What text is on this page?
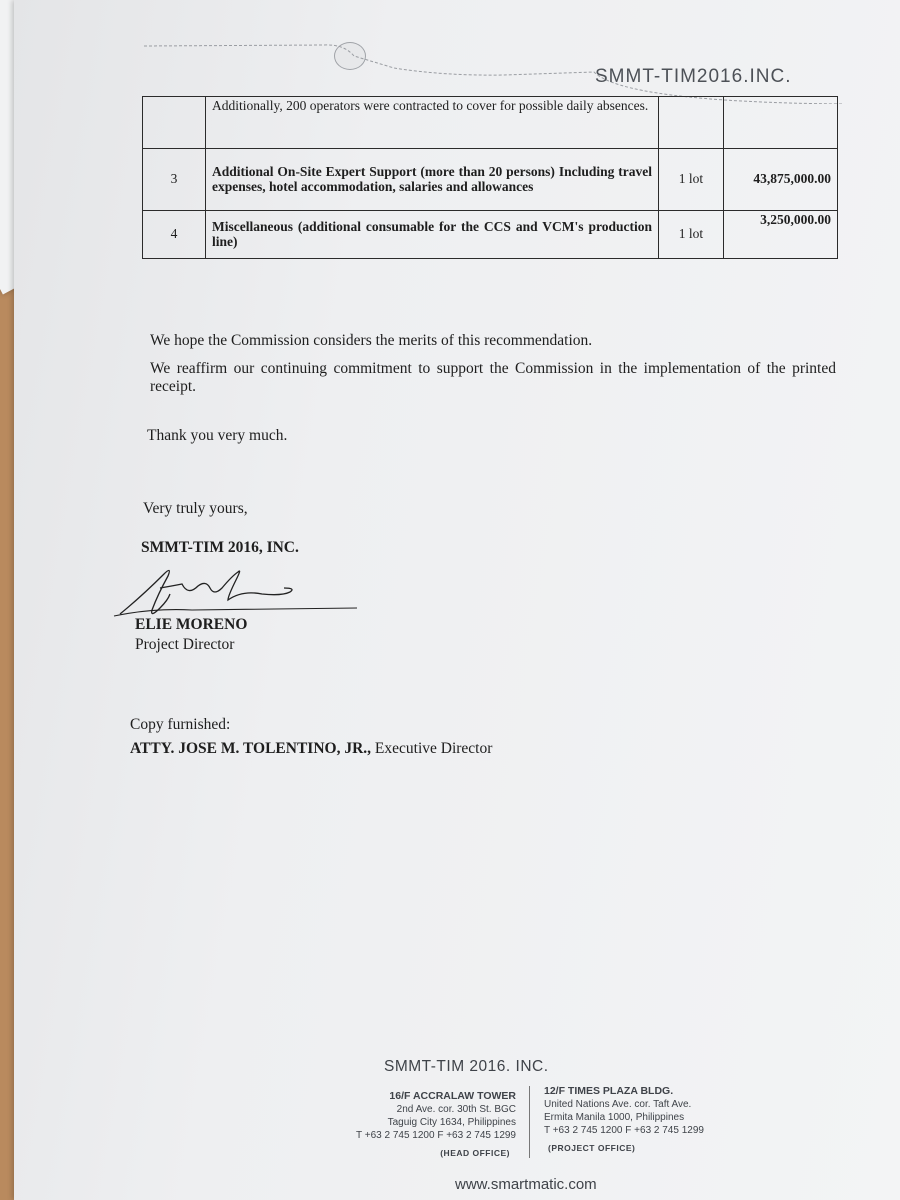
SMMT-TIM2016.INC.
	Additionally, 200 operators were contracted to cover for possible daily absences.		
3	Additional On-Site Expert Support (more than 20 persons) Including travel expenses, hotel accommodation, salaries and allowances	1 lot	43,875,000.00
4	Miscellaneous (additional consumable for the CCS and VCM's production line)	1 lot	3,250,000.00
We hope the Commission considers the merits of this recommendation.
We reaffirm our continuing commitment to support the Commission in the implementation of the printed receipt.
Thank you very much.
Very truly yours,
SMMT-TIM 2016, INC.
ELIE MORENO
Project Director
Copy furnished:
ATTY. JOSE M. TOLENTINO, JR., Executive Director
SMMT-TIM 2016. INC.
16/F ACCRALAW TOWER
2nd Ave. cor. 30th St. BGC
Taguig City 1634, Philippines
T +63 2 745 1200 F +63 2 745 1299
(HEAD OFFICE)
12/F TIMES PLAZA BLDG.
United Nations Ave. cor. Taft Ave.
Ermita Manila 1000, Philippines
T +63 2 745 1200 F +63 2 745 1299
(PROJECT OFFICE)
www.smartmatic.com
